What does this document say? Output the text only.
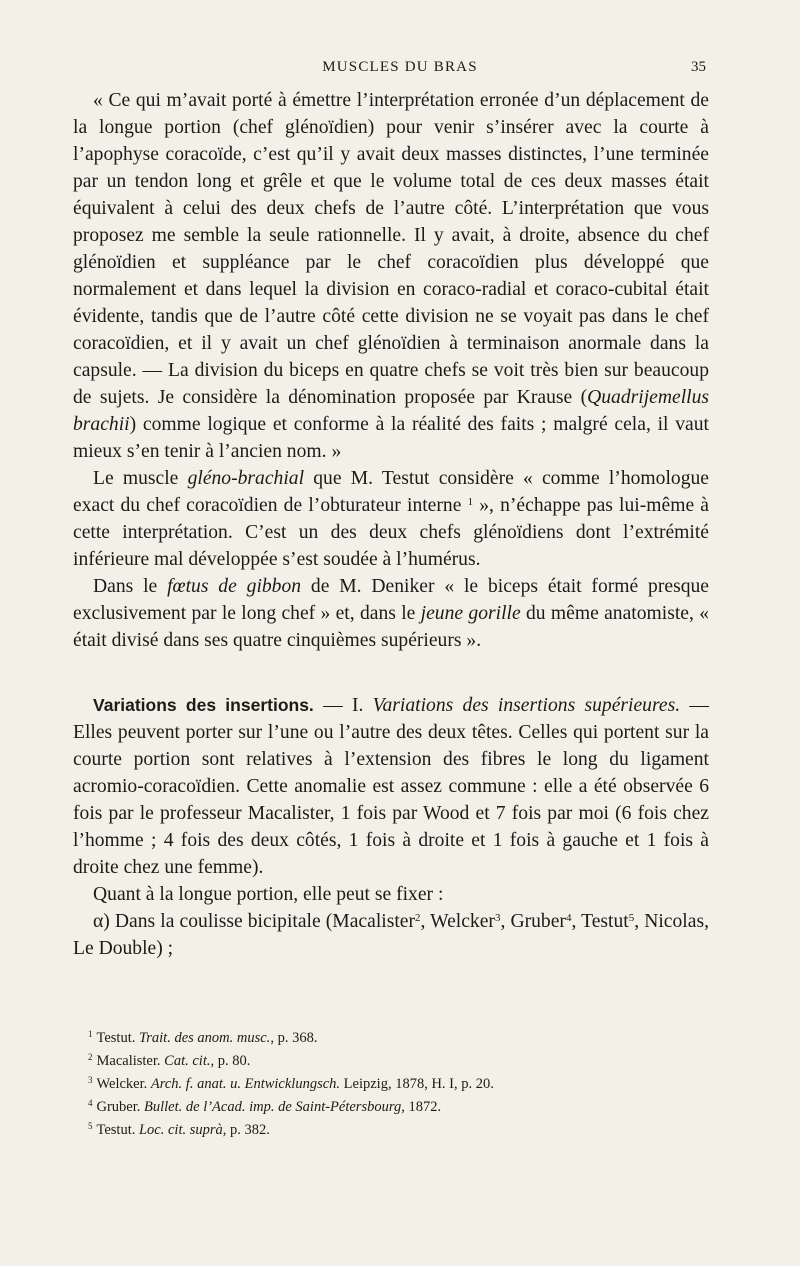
MUSCLES DU BRAS	35

« Ce qui m’avait porté à émettre l’interprétation erronée d’un déplacement de la longue portion (chef glénoïdien) pour venir s’insérer avec la courte à l’apophyse coracoïde, c’est qu’il y avait deux masses distinctes, l’une terminée par un tendon long et grêle et que le volume total de ces deux masses était équivalent à celui des deux chefs de l’autre côté. L’interprétation que vous proposez me semble la seule rationnelle. Il y avait, à droite, absence du chef glénoïdien et suppléance par le chef coracoïdien plus développé que normalement et dans lequel la division en coraco-radial et coraco-cubital était évidente, tandis que de l’autre côté cette division ne se voyait pas dans le chef coracoïdien, et il y avait un chef glénoïdien à terminaison anormale dans la capsule. — La division du biceps en quatre chefs se voit très bien sur beaucoup de sujets. Je considère la dénomination proposée par Krause (Quadrijemellus brachii) comme logique et conforme à la réalité des faits ; malgré cela, il vaut mieux s’en tenir à l’ancien nom. »

Le muscle gléno-brachial que M. Testut considère « comme l’homologue exact du chef coracoïdien de l’obturateur interne $^1$ », n’échappe pas lui-même à cette interprétation. C’est un des deux chefs glénoïdiens dont l’extrémité inférieure mal développée s’est soudée à l’humérus.

Dans le fœtus de gibbon de M. Deniker « le biceps était formé presque exclusivement par le long chef » et, dans le jeune gorille du même anatomiste, « était divisé dans ses quatre cinquièmes supérieurs ».

Variations des insertions. — I. Variations des insertions supérieures. — Elles peuvent porter sur l’une ou l’autre des deux têtes. Celles qui portent sur la courte portion sont relatives à l’extension des fibres le long du ligament acromio-coracoïdien. Cette anomalie est assez commune : elle a été observée 6 fois par le professeur Macalister, 1 fois par Wood et 7 fois par moi (6 fois chez l’homme ; 4 fois des deux côtés, 1 fois à droite et 1 fois à gauche et 1 fois à droite chez une femme).

Quant à la longue portion, elle peut se fixer :

α) Dans la coulisse bicipitale (Macalister$^2$, Welcker$^3$, Gruber$^4$, Testut$^5$, Nicolas, Le Double) ;

$^1$ Testut. Trait. des anom. musc., p. 368.

$^2$ Macalister. Cat. cit., p. 80.

$^3$ Welcker. Arch. f. anat. u. Entwicklungsch. Leipzig, 1878, H. I, p. 20.

$^4$ Gruber. Bullet. de l’Acad. imp. de Saint-Pétersbourg, 1872.

$^5$ Testut. Loc. cit. suprà, p. 382.
